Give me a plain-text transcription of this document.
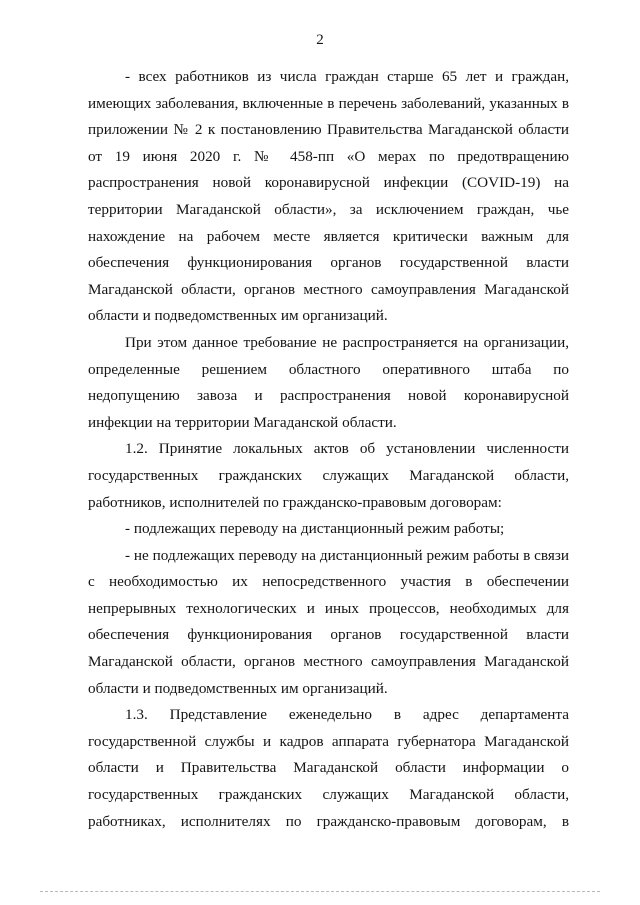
2

- всех работников из числа граждан старше 65 лет и граждан, имеющих заболевания, включенные в перечень заболеваний, указанных в приложении № 2 к постановлению Правительства Магаданской области от 19 июня 2020 г. № 458-пп «О мерах по предотвращению распространения новой коронавирусной инфекции (COVID-19) на территории Магаданской области», за исключением граждан, чье нахождение на рабочем месте является критически важным для обеспечения функционирования органов государственной власти Магаданской области, органов местного самоуправления Магаданской области и подведомственных им организаций.

При этом данное требование не распространяется на организации, определенные решением областного оперативного штаба по недопущению завоза и распространения новой коронавирусной инфекции на территории Магаданской области.

1.2. Принятие локальных актов об установлении численности государственных гражданских служащих Магаданской области, работников, исполнителей по гражданско-правовым договорам:

- подлежащих переводу на дистанционный режим работы;

- не подлежащих переводу на дистанционный режим работы в связи с необходимостью их непосредственного участия в обеспечении непрерывных технологических и иных процессов, необходимых для обеспечения функционирования органов государственной власти Магаданской области, органов местного самоуправления Магаданской области и подведомственных им организаций.

1.3. Представление еженедельно в адрес департамента государственной службы и кадров аппарата губернатора Магаданской области и Правительства Магаданской области информации о государственных гражданских служащих Магаданской области, работниках, исполнителях по гражданско-правовым договорам, в
